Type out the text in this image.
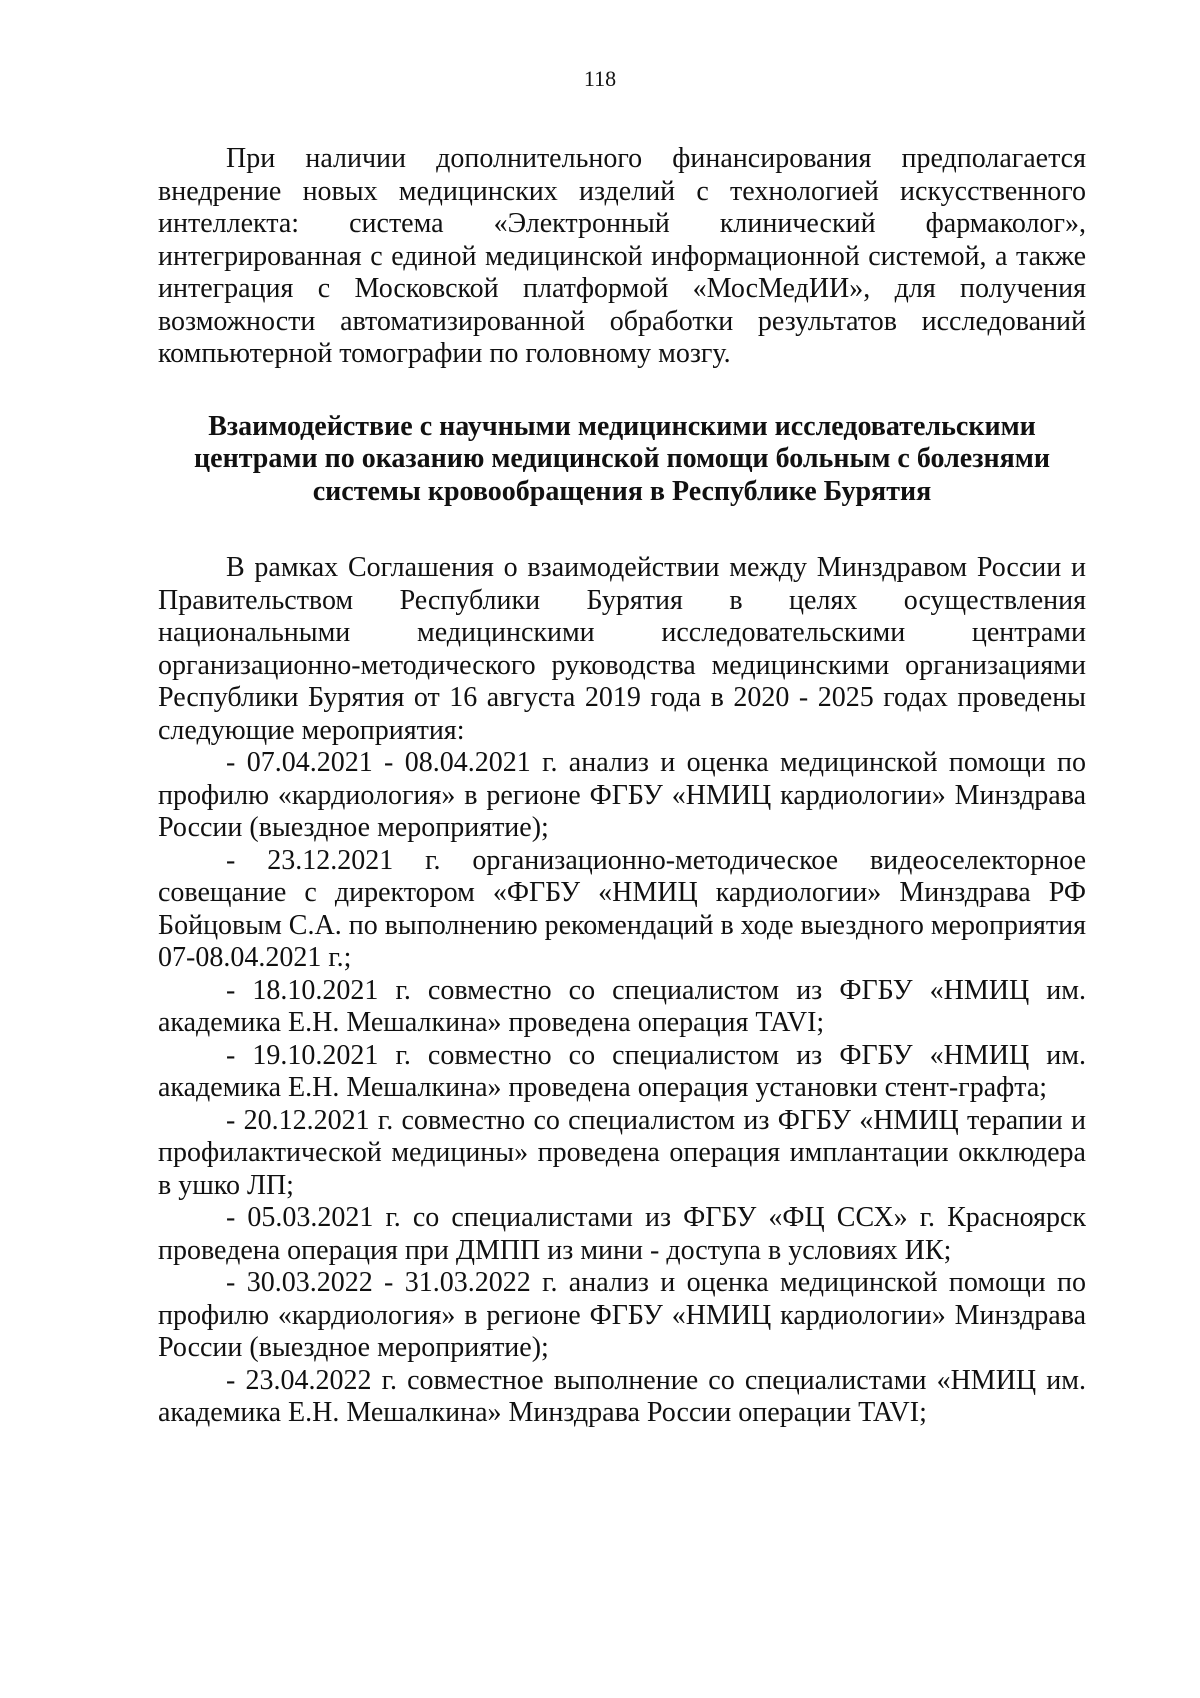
118

При наличии дополнительного финансирования предполагается внедрение новых медицинских изделий с технологией искусственного интеллекта: система «Электронный клинический фармаколог», интегрированная с единой медицинской информационной системой, а также интеграция с Московской платформой «МосМедИИ», для получения возможности автоматизированной обработки результатов исследований компьютерной томографии по головному мозгу.

Взаимодействие с научными медицинскими исследовательскими
центрами по оказанию медицинской помощи больным с болезнями
системы кровообращения в Республике Бурятия

В рамках Соглашения о взаимодействии между Минздравом России и Правительством Республики Бурятия в целях осуществления национальными медицинскими исследовательскими центрами организационно-методического руководства медицинскими организациями Республики Бурятия от 16 августа 2019 года в 2020 - 2025 годах проведены следующие мероприятия:

- 07.04.2021 - 08.04.2021 г. анализ и оценка медицинской помощи по профилю «кардиология» в регионе ФГБУ «НМИЦ кардиологии» Минздрава России (выездное мероприятие);

- 23.12.2021 г. организационно-методическое видеоселекторное совещание с директором «ФГБУ «НМИЦ кардиологии» Минздрава РФ Бойцовым С.А. по выполнению рекомендаций в ходе выездного мероприятия 07-08.04.2021 г.;

- 18.10.2021 г. совместно со специалистом из ФГБУ «НМИЦ им. академика Е.Н. Мешалкина» проведена операция TAVI;

- 19.10.2021 г. совместно со специалистом из ФГБУ «НМИЦ им. академика Е.Н. Мешалкина» проведена операция установки стент-графта;

- 20.12.2021 г. совместно со специалистом из ФГБУ «НМИЦ терапии и профилактической медицины» проведена операция имплантации окклюдера в ушко ЛП;

- 05.03.2021 г. со специалистами из ФГБУ «ФЦ ССХ» г. Красноярск проведена операция при ДМПП из мини - доступа в условиях ИК;

- 30.03.2022 - 31.03.2022 г. анализ и оценка медицинской помощи по профилю «кардиология» в регионе ФГБУ «НМИЦ кардиологии» Минздрава России (выездное мероприятие);

- 23.04.2022 г. совместное выполнение со специалистами «НМИЦ им. академика Е.Н. Мешалкина» Минздрава России операции TAVI;
